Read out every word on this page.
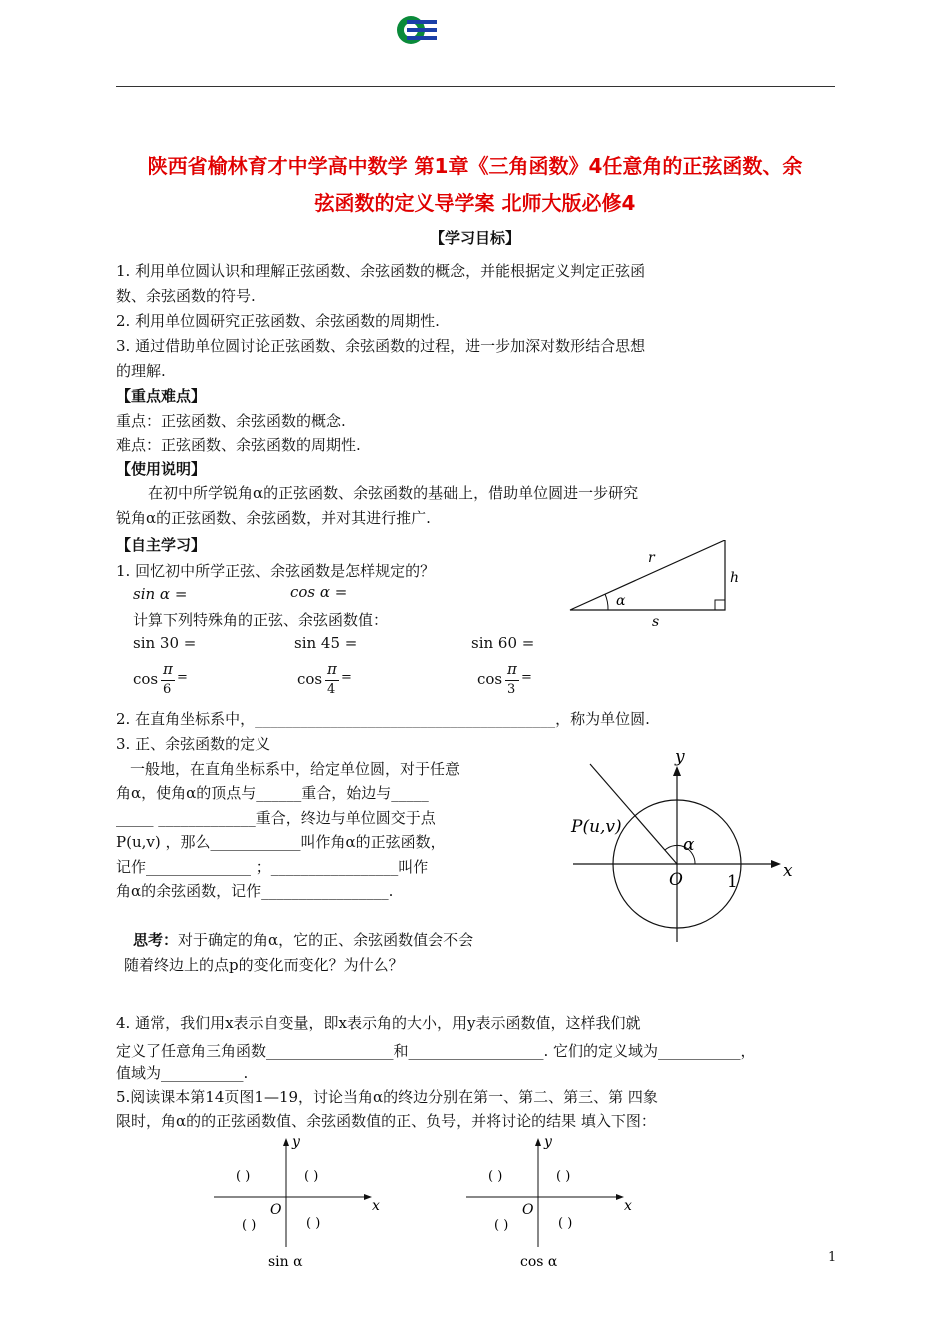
陕西省榆林育才中学高中数学 第1章《三角函数》4任意角的正弦函数、余
弦函数的定义导学案 北师大版必修4
【学习目标】
1. 利用单位圆认识和理解正弦函数、余弦函数的概念，并能根据定义判定正弦函
数、余弦函数的符号.
2. 利用单位圆研究正弦函数、余弦函数的周期性.
3. 通过借助单位圆讨论正弦函数、余弦函数的过程，进一步加深对数形结合思想
的理解.
【重点难点】
重点：正弦函数、余弦函数的概念.
难点：正弦函数、余弦函数的周期性.
【使用说明】
在初中所学锐角α的正弦函数、余弦函数的基础上，借助单位圆进一步研究
锐角α的正弦函数、余弦函数，并对其进行推广.
【自主学习】
1. 回忆初中所学正弦、余弦函数是怎样规定的？
sin α =	cos α =
计算下列特殊角的正弦、余弦函数值：
sin 30 =	sin 45 =	sin 60 =
cos
π
6
=	cos
π
4
=	cos
π
3
=
r
h
s
α
2. 在直角坐标系中，________________________________________，称为单位圆.
3. 正、余弦函数的定义
一般地，在直角坐标系中，给定单位圆，对于任意
角α，使角α的顶点与______重合，始边与_____
_____ _____________重合，终边与单位圆交于点
P(u,v) ，那么____________叫作角α的正弦函数，
记作______________ ；_________________叫作
角α的余弦函数，记作_________________.
y
x
P(u,v)
α
O	1
思考：对于确定的角α，它的正、余弦函数值会不会
随着终边上的点p的变化而变化？为什么？
4. 通常，我们用x表示自变量，即x表示角的大小，用y表示函数值，这样我们就
定义了任意角三角函数_________________和__________________. 它们的定义域为___________，
值域为___________.
5.阅读课本第14页图1—19，讨论当角α的终边分别在第一、第二、第三、第 四象
限时，角α的的正弦函数值、余弦函数值的正、负号，并将讨论的结果 填入下图：
y
x
O
( )	( )
( )	( )
sin α
y
x
O
( )	( )
( )	( )
cos α	1
